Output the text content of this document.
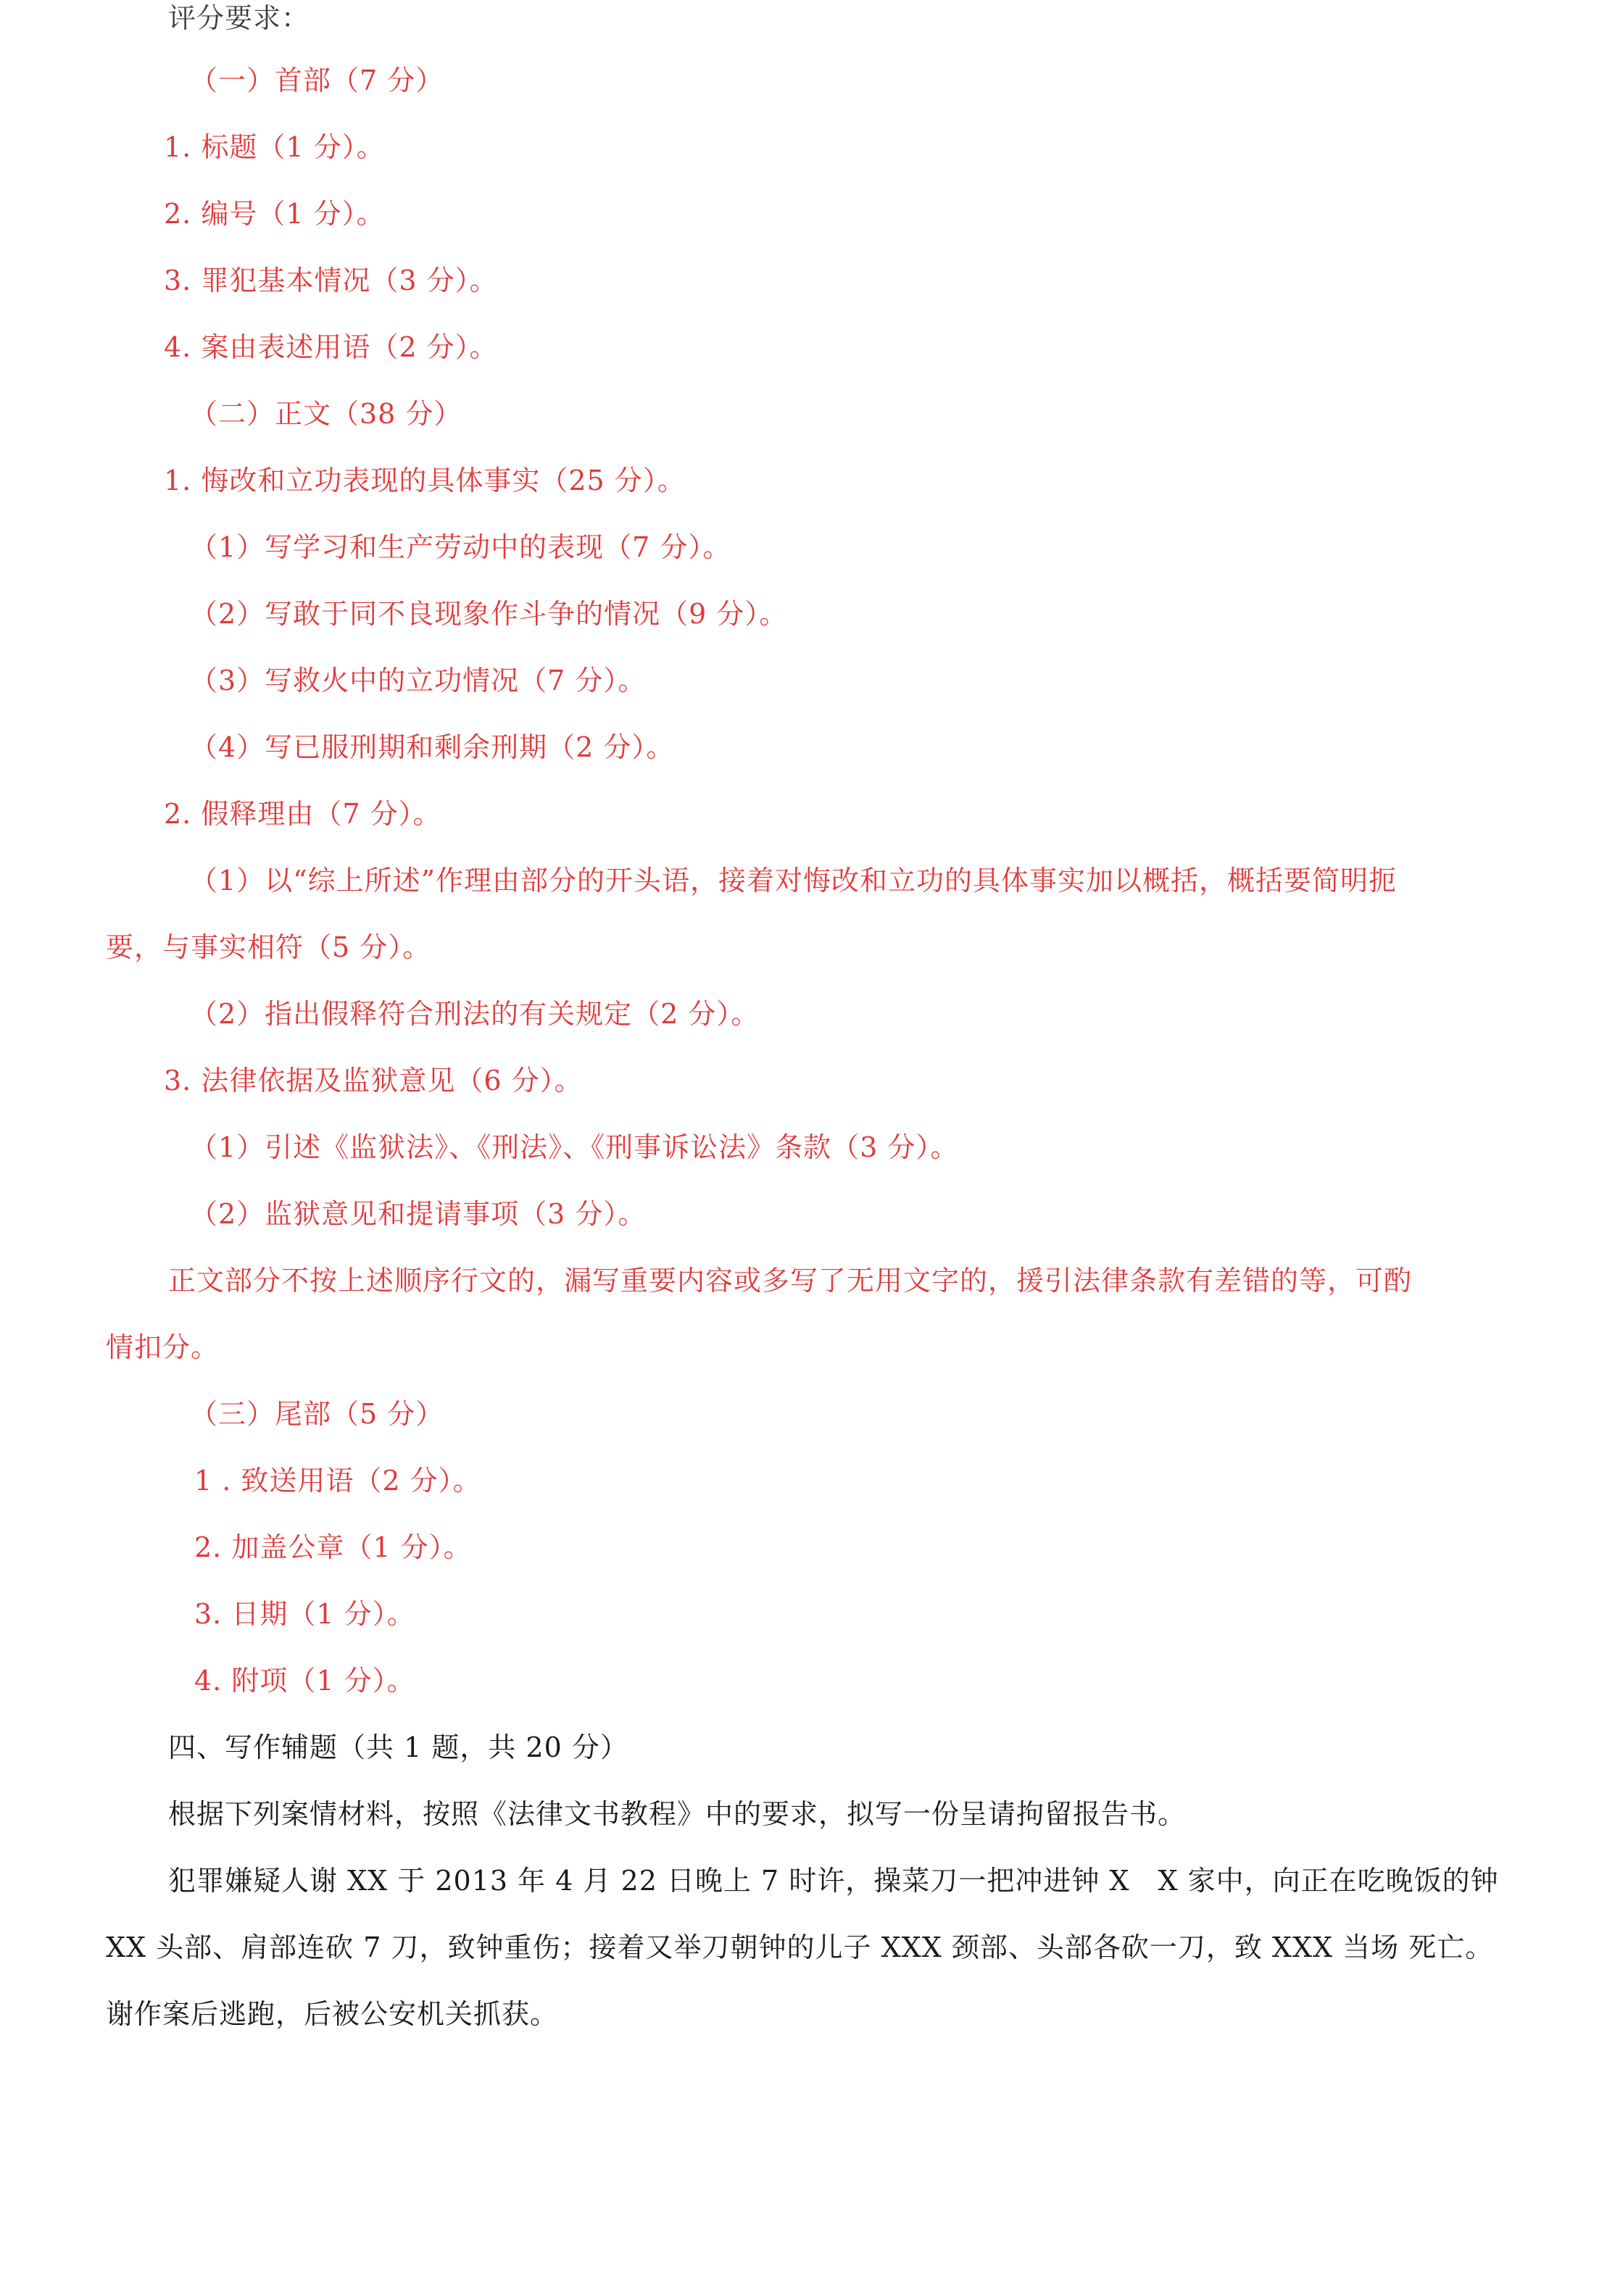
评分要求：
（一）首部（7 分）
1. 标题（1 分）。
2. 编号（1 分）。
3. 罪犯基本情况（3 分）。
4. 案由表述用语（2 分）。
（二）正文（38 分）
1. 悔改和立功表现的具体事实（25 分）。
（1）写学习和生产劳动中的表现（7 分）。
（2）写敢于同不良现象作斗争的情况（9 分）。
（3）写救火中的立功情况（7 分）。
（4）写已服刑期和剩余刑期（2 分）。
2. 假释理由（7 分）。
（1）以“综上所述”作理由部分的开头语，接着对悔改和立功的具体事实加以概括，概括要简明扼
要，与事实相符（5 分）。
（2）指出假释符合刑法的有关规定（2 分）。
3. 法律依据及监狱意见（6 分）。
（1）引述《监狱法》、《刑法》、《刑事诉讼法》条款（3 分）。
（2）监狱意见和提请事项（3 分）。
正文部分不按上述顺序行文的，漏写重要内容或多写了无用文字的，援引法律条款有差错的等，可酌
情扣分。
（三）尾部（5 分）
1 . 致送用语（2 分）。
2. 加盖公章（1 分）。
3. 日期（1 分）。
4. 附项（1 分）。
四、写作辅题（共 1 题，共 20 分）
根据下列案情材料，按照《法律文书教程》中的要求，拟写一份呈请拘留报告书。
犯罪嫌疑人谢 XX 于 2013 年 4 月 22 日晚上 7 时许，操菜刀一把冲进钟 X　X 家中，向正在吃晚饭的钟
XX 头部、肩部连砍 7 刀，致钟重伤；接着又举刀朝钟的儿子 XXX 颈部、头部各砍一刀，致 XXX 当场 死亡。
谢作案后逃跑，后被公安机关抓获。
